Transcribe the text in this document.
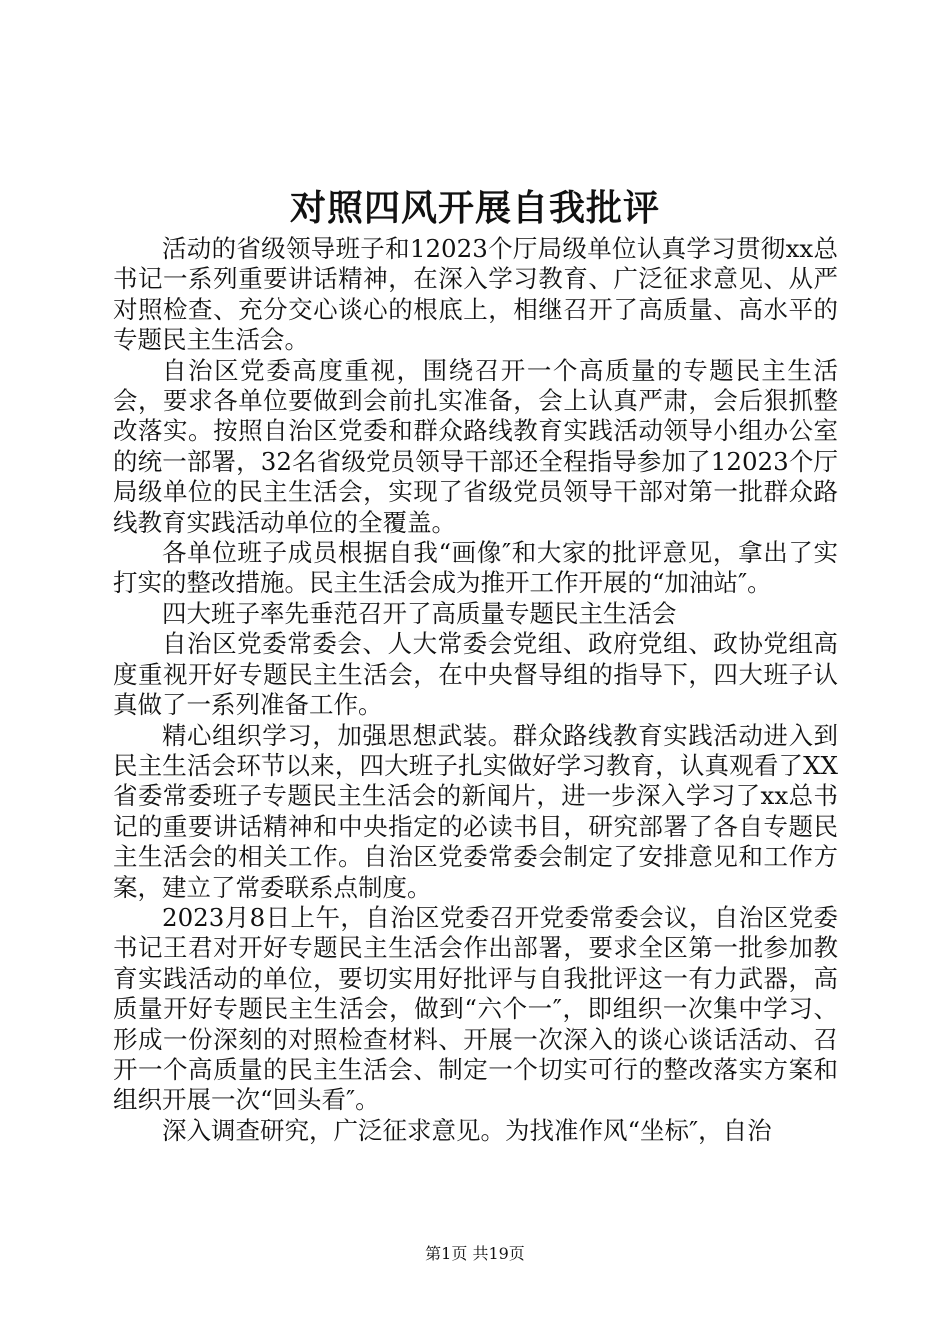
对照四风开展自我批评

活动的省级领导班子和12023个厅局级单位认真学习贯彻xx总书记一系列重要讲话精神，在深入学习教育、广泛征求意见、从严对照检查、充分交心谈心的根底上，相继召开了高质量、高水平的专题民主生活会。

自治区党委高度重视，围绕召开一个高质量的专题民主生活会，要求各单位要做到会前扎实准备，会上认真严肃，会后狠抓整改落实。按照自治区党委和群众路线教育实践活动领导小组办公室的统一部署，32名省级党员领导干部还全程指导参加了12023个厅局级单位的民主生活会，实现了省级党员领导干部对第一批群众路线教育实践活动单位的全覆盖。

各单位班子成员根据自我“画像″和大家的批评意见，拿出了实打实的整改措施。民主生活会成为推开工作开展的“加油站″。

四大班子率先垂范召开了高质量专题民主生活会

自治区党委常委会、人大常委会党组、政府党组、政协党组高度重视开好专题民主生活会，在中央督导组的指导下，四大班子认真做了一系列准备工作。

精心组织学习，加强思想武装。群众路线教育实践活动进入到民主生活会环节以来，四大班子扎实做好学习教育，认真观看了XX省委常委班子专题民主生活会的新闻片，进一步深入学习了xx总书记的重要讲话精神和中央指定的必读书目，研究部署了各自专题民主生活会的相关工作。自治区党委常委会制定了安排意见和工作方案，建立了常委联系点制度。

2023月8日上午，自治区党委召开党委常委会议，自治区党委书记王君对开好专题民主生活会作出部署，要求全区第一批参加教育实践活动的单位，要切实用好批评与自我批评这一有力武器，高质量开好专题民主生活会，做到“六个一″，即组织一次集中学习、形成一份深刻的对照检查材料、开展一次深入的谈心谈话活动、召开一个高质量的民主生活会、制定一个切实可行的整改落实方案和组织开展一次“回头看″。

深入调查研究，广泛征求意见。为找准作风“坐标″，自治

第1页 共19页
